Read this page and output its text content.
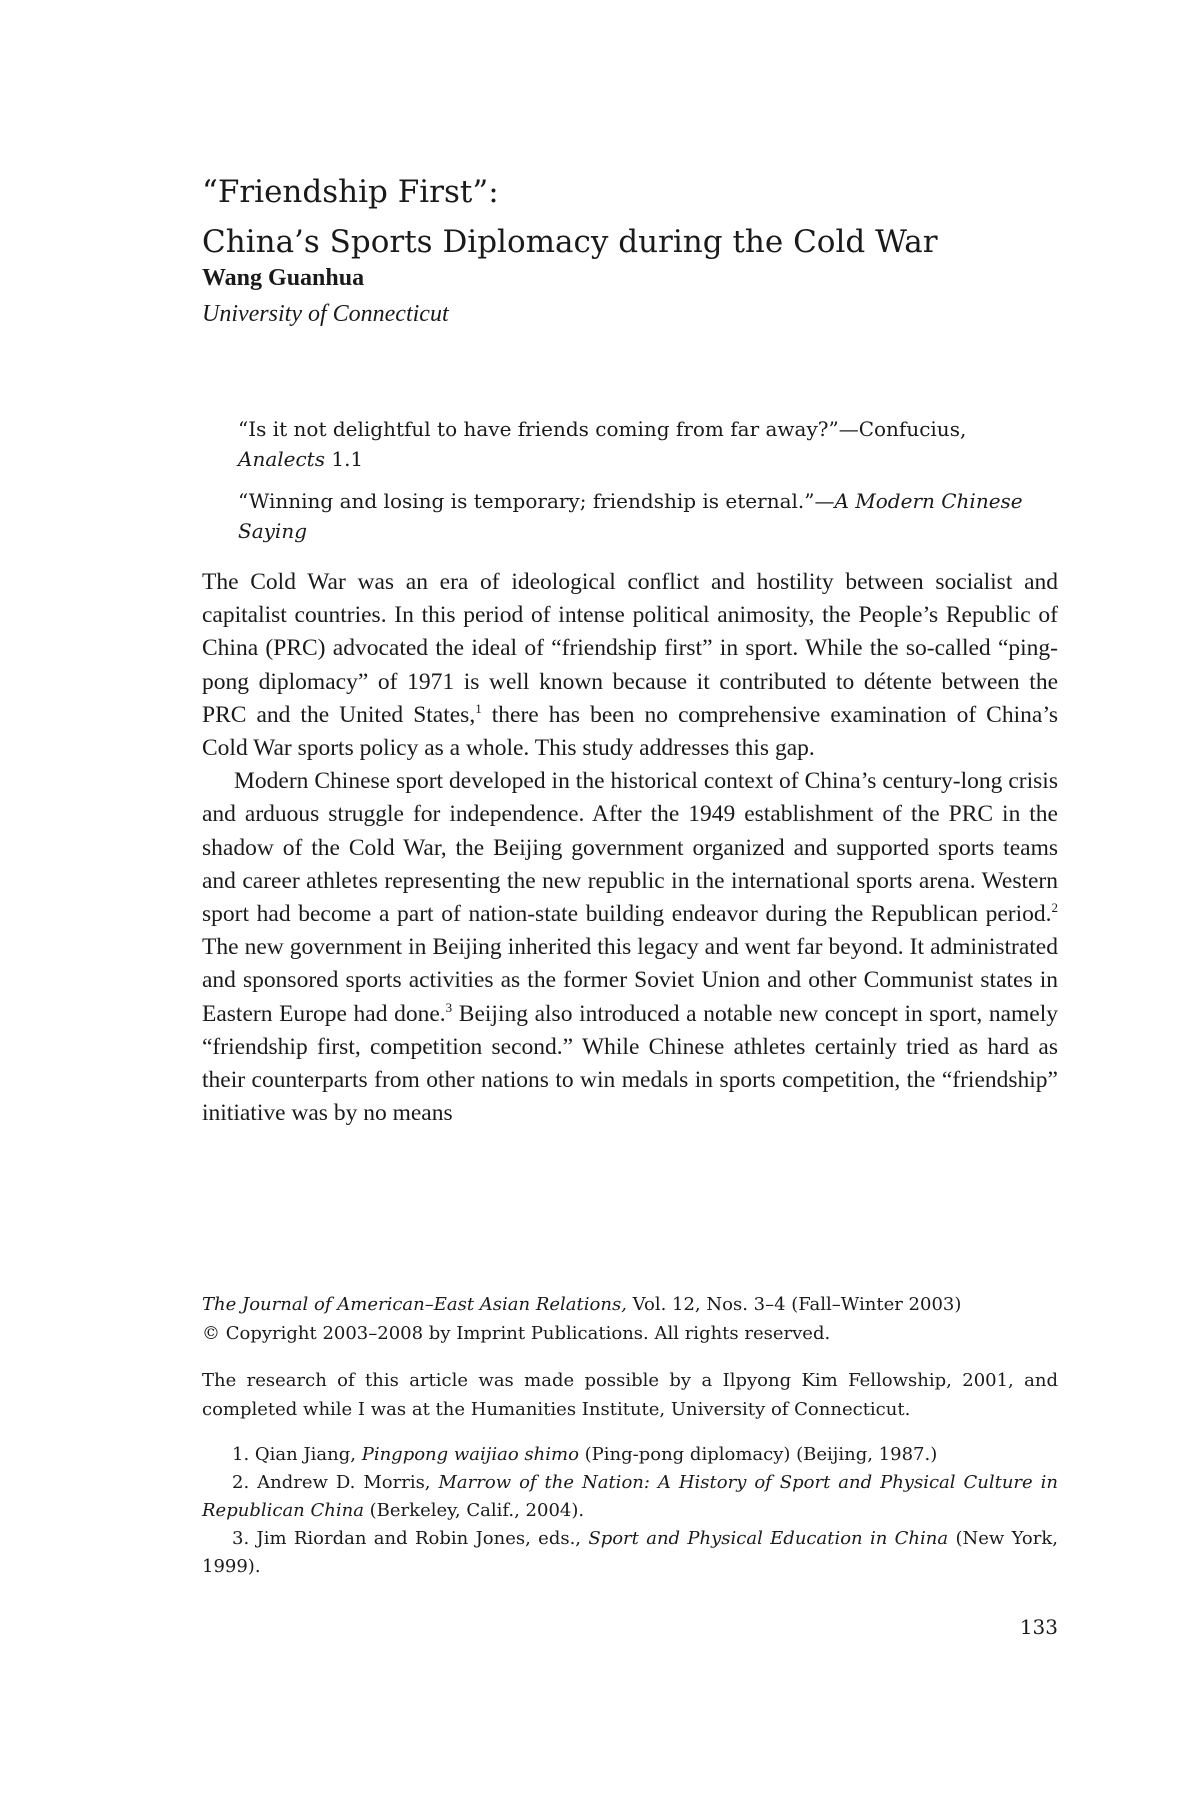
“Friendship First”:
China’s Sports Diplomacy during the Cold War
Wang Guanhua
University of Connecticut

“Is it not delightful to have friends coming from far away?”—Confucius, Analects 1.1

“Winning and losing is temporary; friendship is eternal.”—A Modern Chinese Saying

The Cold War was an era of ideological conflict and hostility between socialist and capitalist countries. In this period of intense political animosity, the People’s Republic of China (PRC) advocated the ideal of “friendship first” in sport. While the so-called “ping-pong diplomacy” of 1971 is well known because it contributed to détente between the PRC and the United States,$^1$ there has been no comprehensive examination of China’s Cold War sports policy as a whole. This study addresses this gap.

Modern Chinese sport developed in the historical context of China’s century-long crisis and arduous struggle for independence. After the 1949 establishment of the PRC in the shadow of the Cold War, the Beijing government organized and supported sports teams and career athletes representing the new republic in the international sports arena. Western sport had become a part of nation-state building endeavor during the Republican period.$^2$ The new government in Beijing inherited this legacy and went far beyond. It administrated and sponsored sports activities as the former Soviet Union and other Communist states in Eastern Europe had done.$^3$ Beijing also introduced a notable new concept in sport, namely “friendship first, competition second.” While Chinese athletes certainly tried as hard as their counterparts from other nations to win medals in sports competition, the “friendship” initiative was by no means

The Journal of American–East Asian Relations, Vol. 12, Nos. 3–4 (Fall–Winter 2003)

© Copyright 2003–2008 by Imprint Publications. All rights reserved.

The research of this article was made possible by a Ilpyong Kim Fellowship, 2001, and completed while I was at the Humanities Institute, University of Connecticut.

1. Qian Jiang, Pingpong waijiao shimo (Ping-pong diplomacy) (Beijing, 1987.)

2. Andrew D. Morris, Marrow of the Nation: A History of Sport and Physical Culture in Republican China (Berkeley, Calif., 2004).

3. Jim Riordan and Robin Jones, eds., Sport and Physical Education in China (New York, 1999).

133
